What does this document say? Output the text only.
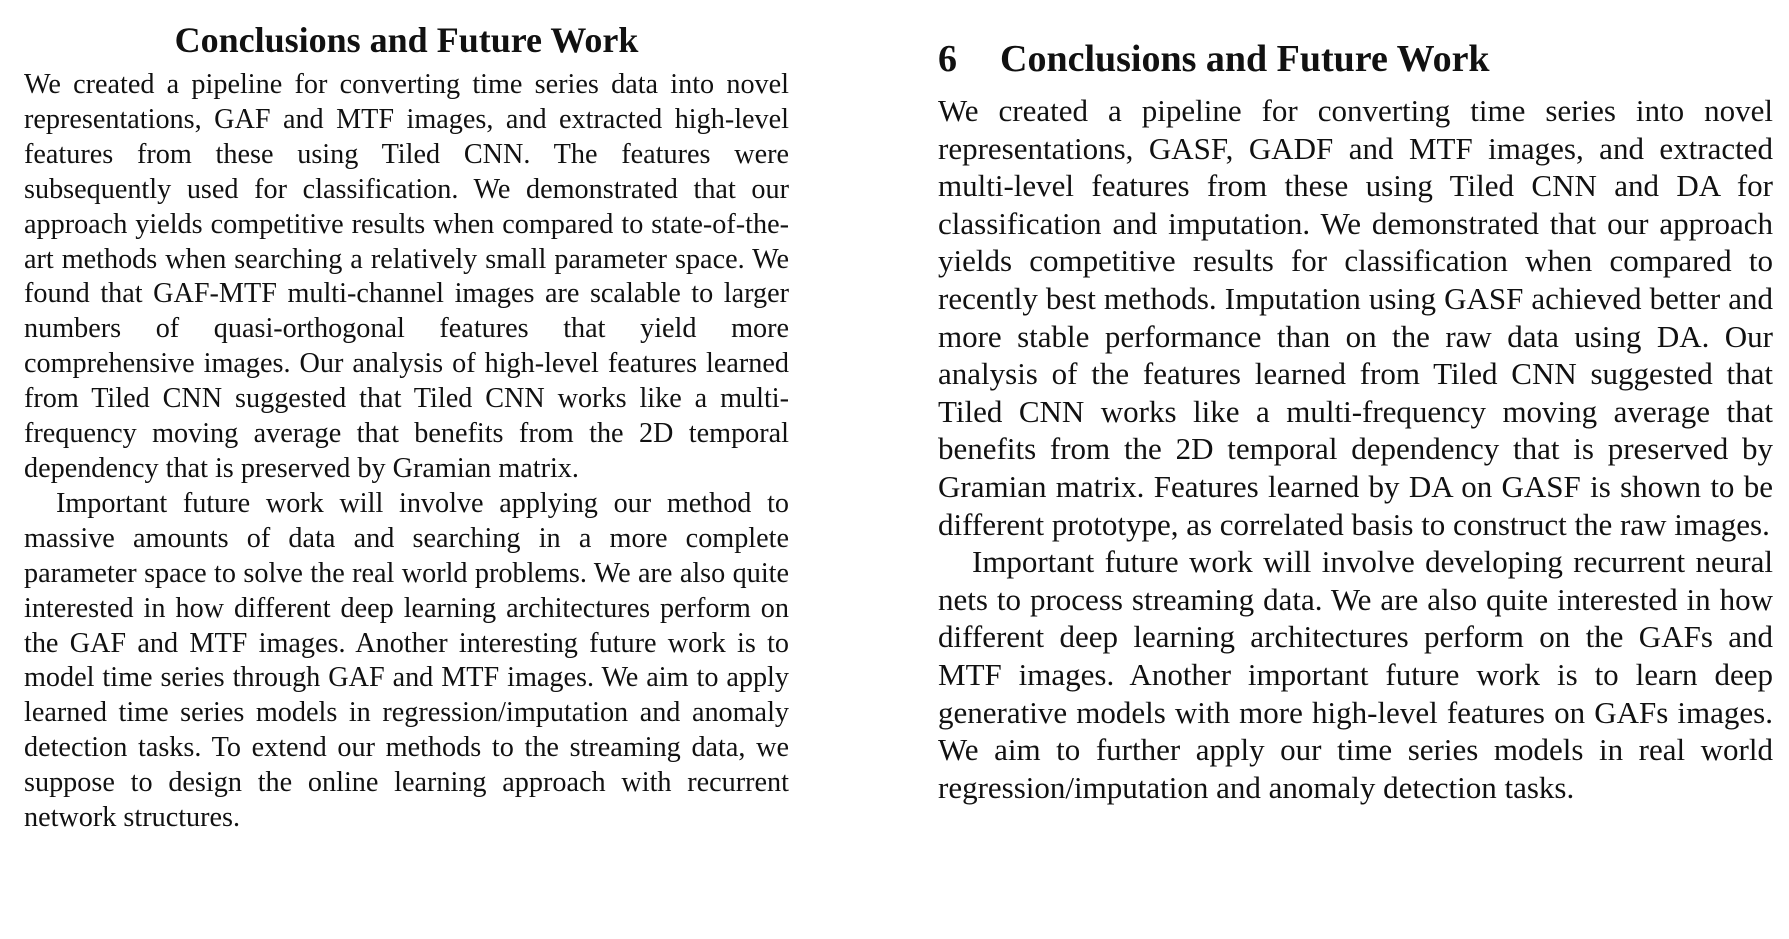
Conclusions and Future Work

We created a pipeline for converting time series data into novel representations, GAF and MTF images, and extracted high-level features from these using Tiled CNN. The features were subsequently used for classification. We demonstrated that our approach yields competitive results when compared to state-of-the-art methods when searching a relatively small parameter space. We found that GAF-MTF multi-channel images are scalable to larger numbers of quasi-orthogonal features that yield more comprehensive images. Our analysis of high-level features learned from Tiled CNN suggested that Tiled CNN works like a multi-frequency moving average that benefits from the 2D temporal dependency that is preserved by Gramian matrix.

Important future work will involve applying our method to massive amounts of data and searching in a more complete parameter space to solve the real world problems. We are also quite interested in how different deep learning architectures perform on the GAF and MTF images. Another interesting future work is to model time series through GAF and MTF images. We aim to apply learned time series models in regression/imputation and anomaly detection tasks. To extend our methods to the streaming data, we suppose to design the online learning approach with recurrent network structures.

6 Conclusions and Future Work

We created a pipeline for converting time series into novel representations, GASF, GADF and MTF images, and extracted multi-level features from these using Tiled CNN and DA for classification and imputation. We demonstrated that our approach yields competitive results for classification when compared to recently best methods. Imputation using GASF achieved better and more stable performance than on the raw data using DA. Our analysis of the features learned from Tiled CNN suggested that Tiled CNN works like a multi-frequency moving average that benefits from the 2D temporal dependency that is preserved by Gramian matrix. Features learned by DA on GASF is shown to be different prototype, as correlated basis to construct the raw images.

Important future work will involve developing recurrent neural nets to process streaming data. We are also quite interested in how different deep learning architectures perform on the GAFs and MTF images. Another important future work is to learn deep generative models with more high-level features on GAFs images. We aim to further apply our time series models in real world regression/imputation and anomaly detection tasks.
